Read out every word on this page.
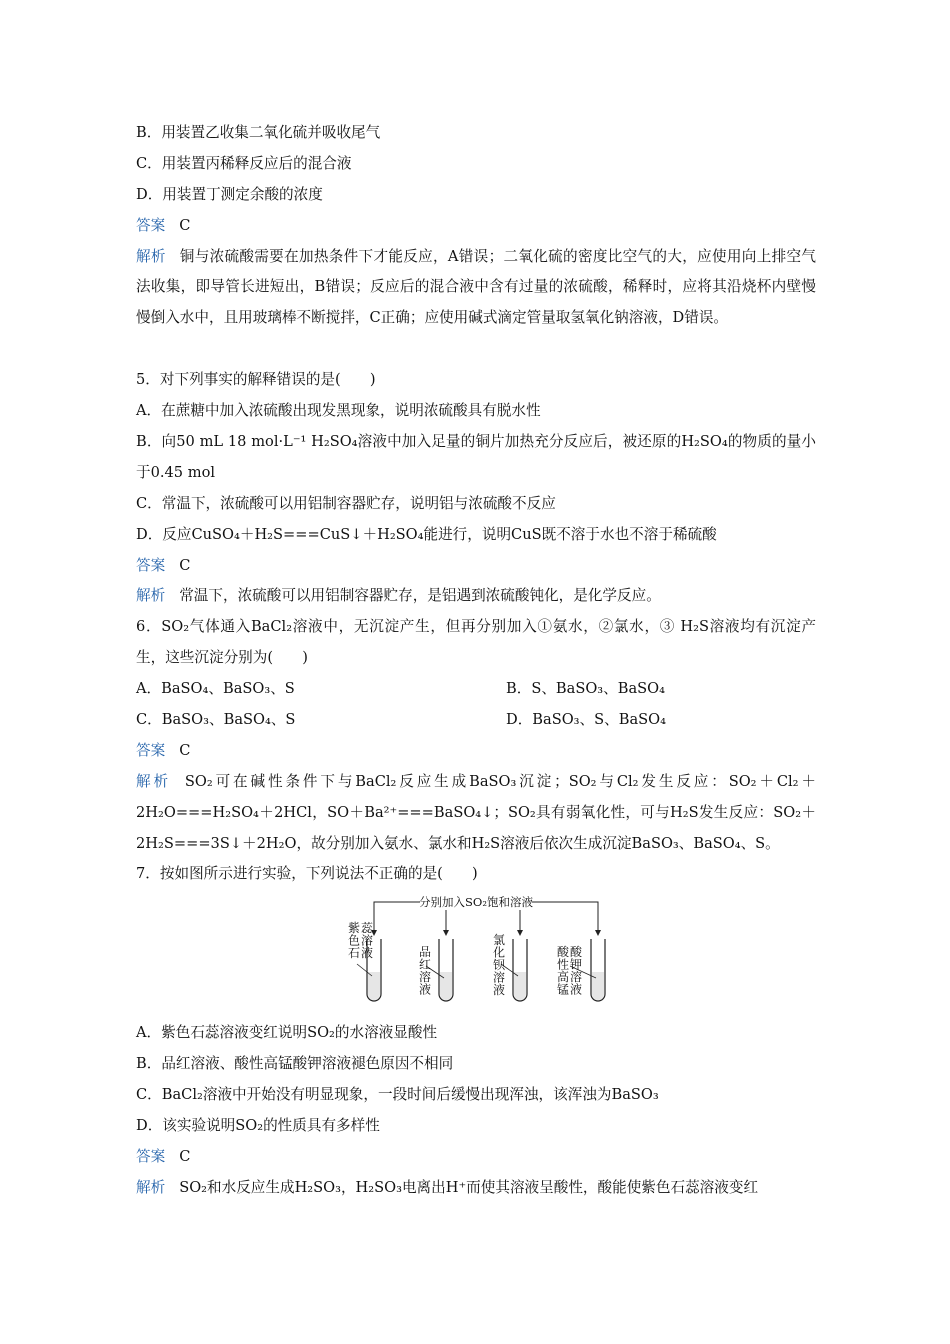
B．用装置乙收集二氧化硫并吸收尾气
C．用装置丙稀释反应后的混合液
D．用装置丁测定余酸的浓度
答案 C
解析 铜与浓硫酸需要在加热条件下才能反应，A错误；二氧化硫的密度比空气的大，应使用向上排空气法收集，即导管长进短出，B错误；反应后的混合液中含有过量的浓硫酸，稀释时，应将其沿烧杯内壁慢慢倒入水中，且用玻璃棒不断搅拌，C正确；应使用碱式滴定管量取氢氧化钠溶液，D错误。
5．对下列事实的解释错误的是(　　)
A．在蔗糖中加入浓硫酸出现发黑现象，说明浓硫酸具有脱水性
B．向50 mL 18 mol·L⁻¹ H₂SO₄溶液中加入足量的铜片加热充分反应后，被还原的H₂SO₄的物质的量小于0.45 mol
C．常温下，浓硫酸可以用铝制容器贮存，说明铝与浓硫酸不反应
D．反应CuSO₄＋H₂S===CuS↓＋H₂SO₄能进行，说明CuS既不溶于水也不溶于稀硫酸
答案 C
解析 常温下，浓硫酸可以用铝制容器贮存，是铝遇到浓硫酸钝化，是化学反应。
6．SO₂气体通入BaCl₂溶液中，无沉淀产生，但再分别加入①氨水，②氯水，③ H₂S溶液均有沉淀产生，这些沉淀分别为(　　)
A．BaSO₄、BaSO₃、S	B．S、BaSO₃、BaSO₄
C．BaSO₃、BaSO₄、S	D．BaSO₃、S、BaSO₄
答案 C
解析 SO₂可在碱性条件下与BaCl₂反应生成BaSO₃沉淀；SO₂与Cl₂发生反应：SO₂＋Cl₂＋2H₂O===H₂SO₄＋2HCl，SO＋Ba²⁺===BaSO₄↓；SO₂具有弱氧化性，可与H₂S发生反应：SO₂＋2H₂S===3S↓＋2H₂O，故分别加入氨水、氯水和H₂S溶液后依次生成沉淀BaSO₃、BaSO₄、S。
7．按如图所示进行实验，下列说法不正确的是(　　)
分别加入SO₂饱和溶液
紫色石蕊溶液	品红溶液
氯化钡溶液
酸性高锰酸钾溶液
A．紫色石蕊溶液变红说明SO₂的水溶液显酸性
B．品红溶液、酸性高锰酸钾溶液褪色原因不相同
C．BaCl₂溶液中开始没有明显现象，一段时间后缓慢出现浑浊，该浑浊为BaSO₃
D．该实验说明SO₂的性质具有多样性
答案 C
解析 SO₂和水反应生成H₂SO₃，H₂SO₃电离出H⁺而使其溶液呈酸性，酸能使紫色石蕊溶液变红
